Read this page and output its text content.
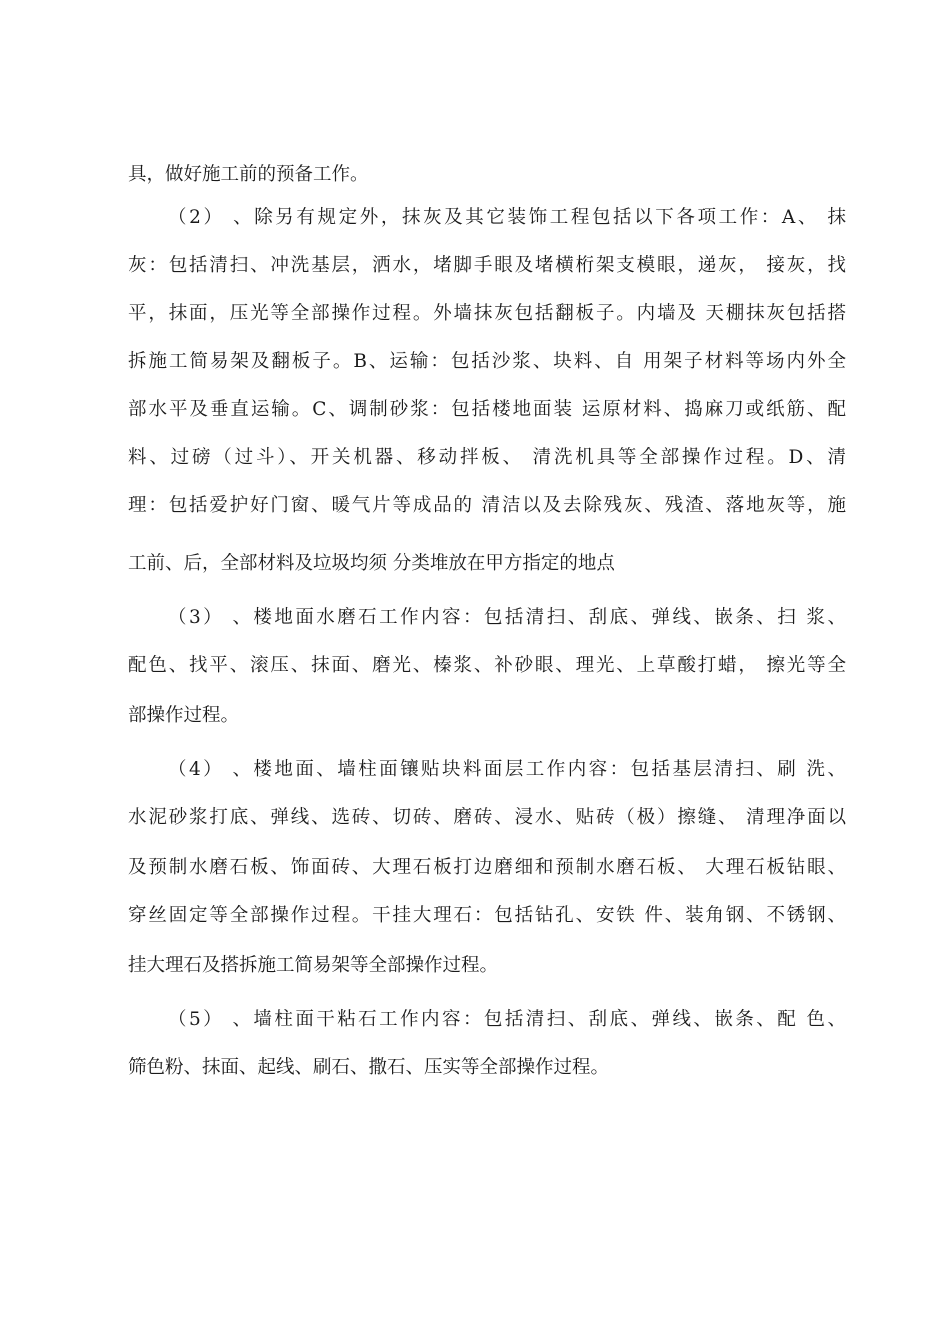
具，做好施工前的预备工作。
（2） 、除另有规定外，抹灰及其它装饰工程包括以下各项工作：A、 抹
灰：包括清扫、冲洗基层，洒水，堵脚手眼及堵横桁架支模眼，递灰， 接灰，找
平，抹面，压光等全部操作过程。外墙抹灰包括翻板子。内墙及 天棚抹灰包括搭
拆施工简易架及翻板子。B、运输：包括沙浆、块料、自 用架子材料等场内外全
部水平及垂直运输。C、调制砂浆：包括楼地面装 运原材料、捣麻刀或纸筋、配
料、过磅（过斗）、开关机器、移动拌板、 清洗机具等全部操作过程。D、清
理：包括爱护好门窗、暖气片等成品的 清洁以及去除残灰、残渣、落地灰等，施
工前、后，全部材料及垃圾均须 分类堆放在甲方指定的地点
（3） 、楼地面水磨石工作内容：包括清扫、刮底、弹线、嵌条、扫 浆、
配色、找平、滚压、抹面、磨光、榛浆、补砂眼、理光、上草酸打蜡， 擦光等全
部操作过程。
（4） 、楼地面、墙柱面镶贴块料面层工作内容：包括基层清扫、刷 洗、
水泥砂浆打底、弹线、选砖、切砖、磨砖、浸水、贴砖（极）擦缝、 清理净面以
及预制水磨石板、饰面砖、大理石板打边磨细和预制水磨石板、 大理石板钻眼、
穿丝固定等全部操作过程。干挂大理石：包括钻孔、安铁 件、装角钢、不锈钢、
挂大理石及搭拆施工简易架等全部操作过程。
（5） 、墙柱面干粘石工作内容：包括清扫、刮底、弹线、嵌条、配 色、
筛色粉、抹面、起线、刷石、撒石、压实等全部操作过程。
